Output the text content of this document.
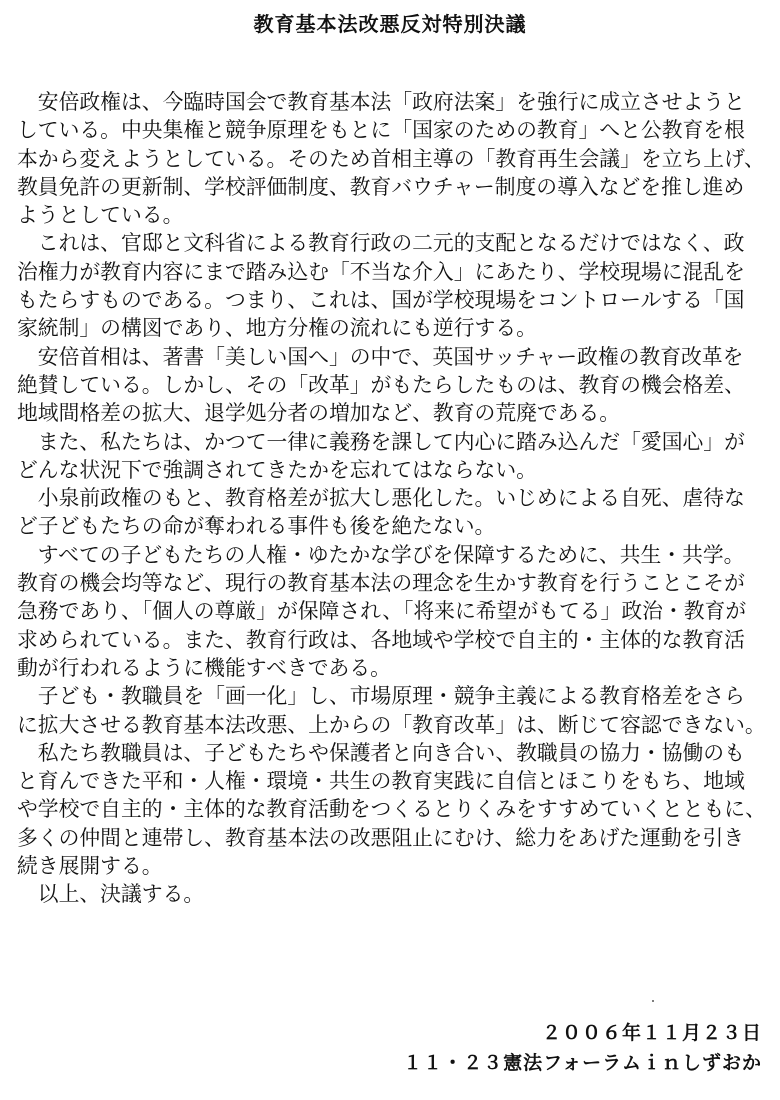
教育基本法改悪反対特別決議
　安倍政権は、今臨時国会で教育基本法「政府法案」を強行に成立させようと
している。中央集権と競争原理をもとに「国家のための教育」へと公教育を根
本から変えようとしている。そのため首相主導の「教育再生会議」を立ち上げ、
教員免許の更新制、学校評価制度、教育バウチャー制度の導入などを推し進め
ようとしている。
　これは、官邸と文科省による教育行政の二元的支配となるだけではなく、政
治権力が教育内容にまで踏み込む「不当な介入」にあたり、学校現場に混乱を
もたらすものである。つまり、これは、国が学校現場をコントロールする「国
家統制」の構図であり、地方分権の流れにも逆行する。
　安倍首相は、著書「美しい国へ」の中で、英国サッチャー政権の教育改革を
絶賛している。しかし、その「改革」がもたらしたものは、教育の機会格差、
地域間格差の拡大、退学処分者の増加など、教育の荒廃である。
　また、私たちは、かつて一律に義務を課して内心に踏み込んだ「愛国心」が
どんな状況下で強調されてきたかを忘れてはならない。
　小泉前政権のもと、教育格差が拡大し悪化した。いじめによる自死、虐待な
ど子どもたちの命が奪われる事件も後を絶たない。
　すべての子どもたちの人権・ゆたかな学びを保障するために、共生・共学。
教育の機会均等など、現行の教育基本法の理念を生かす教育を行うことこそが
急務であり、「個人の尊厳」が保障され、「将来に希望がもてる」政治・教育が
求められている。また、教育行政は、各地域や学校で自主的・主体的な教育活
動が行われるように機能すべきである。
　子ども・教職員を「画一化」し、市場原理・競争主義による教育格差をさら
に拡大させる教育基本法改悪、上からの「教育改革」は、断じて容認できない。
　私たち教職員は、子どもたちや保護者と向き合い、教職員の協力・協働のも
と育んできた平和・人権・環境・共生の教育実践に自信とほこりをもち、地域
や学校で自主的・主体的な教育活動をつくるとりくみをすすめていくとともに、
多くの仲間と連帯し、教育基本法の改悪阻止にむけ、総力をあげた運動を引き
続き展開する。
　以上、決議する。
２００６年１１月２３日
１１・２３憲法フォーラムｉｎしずおか
